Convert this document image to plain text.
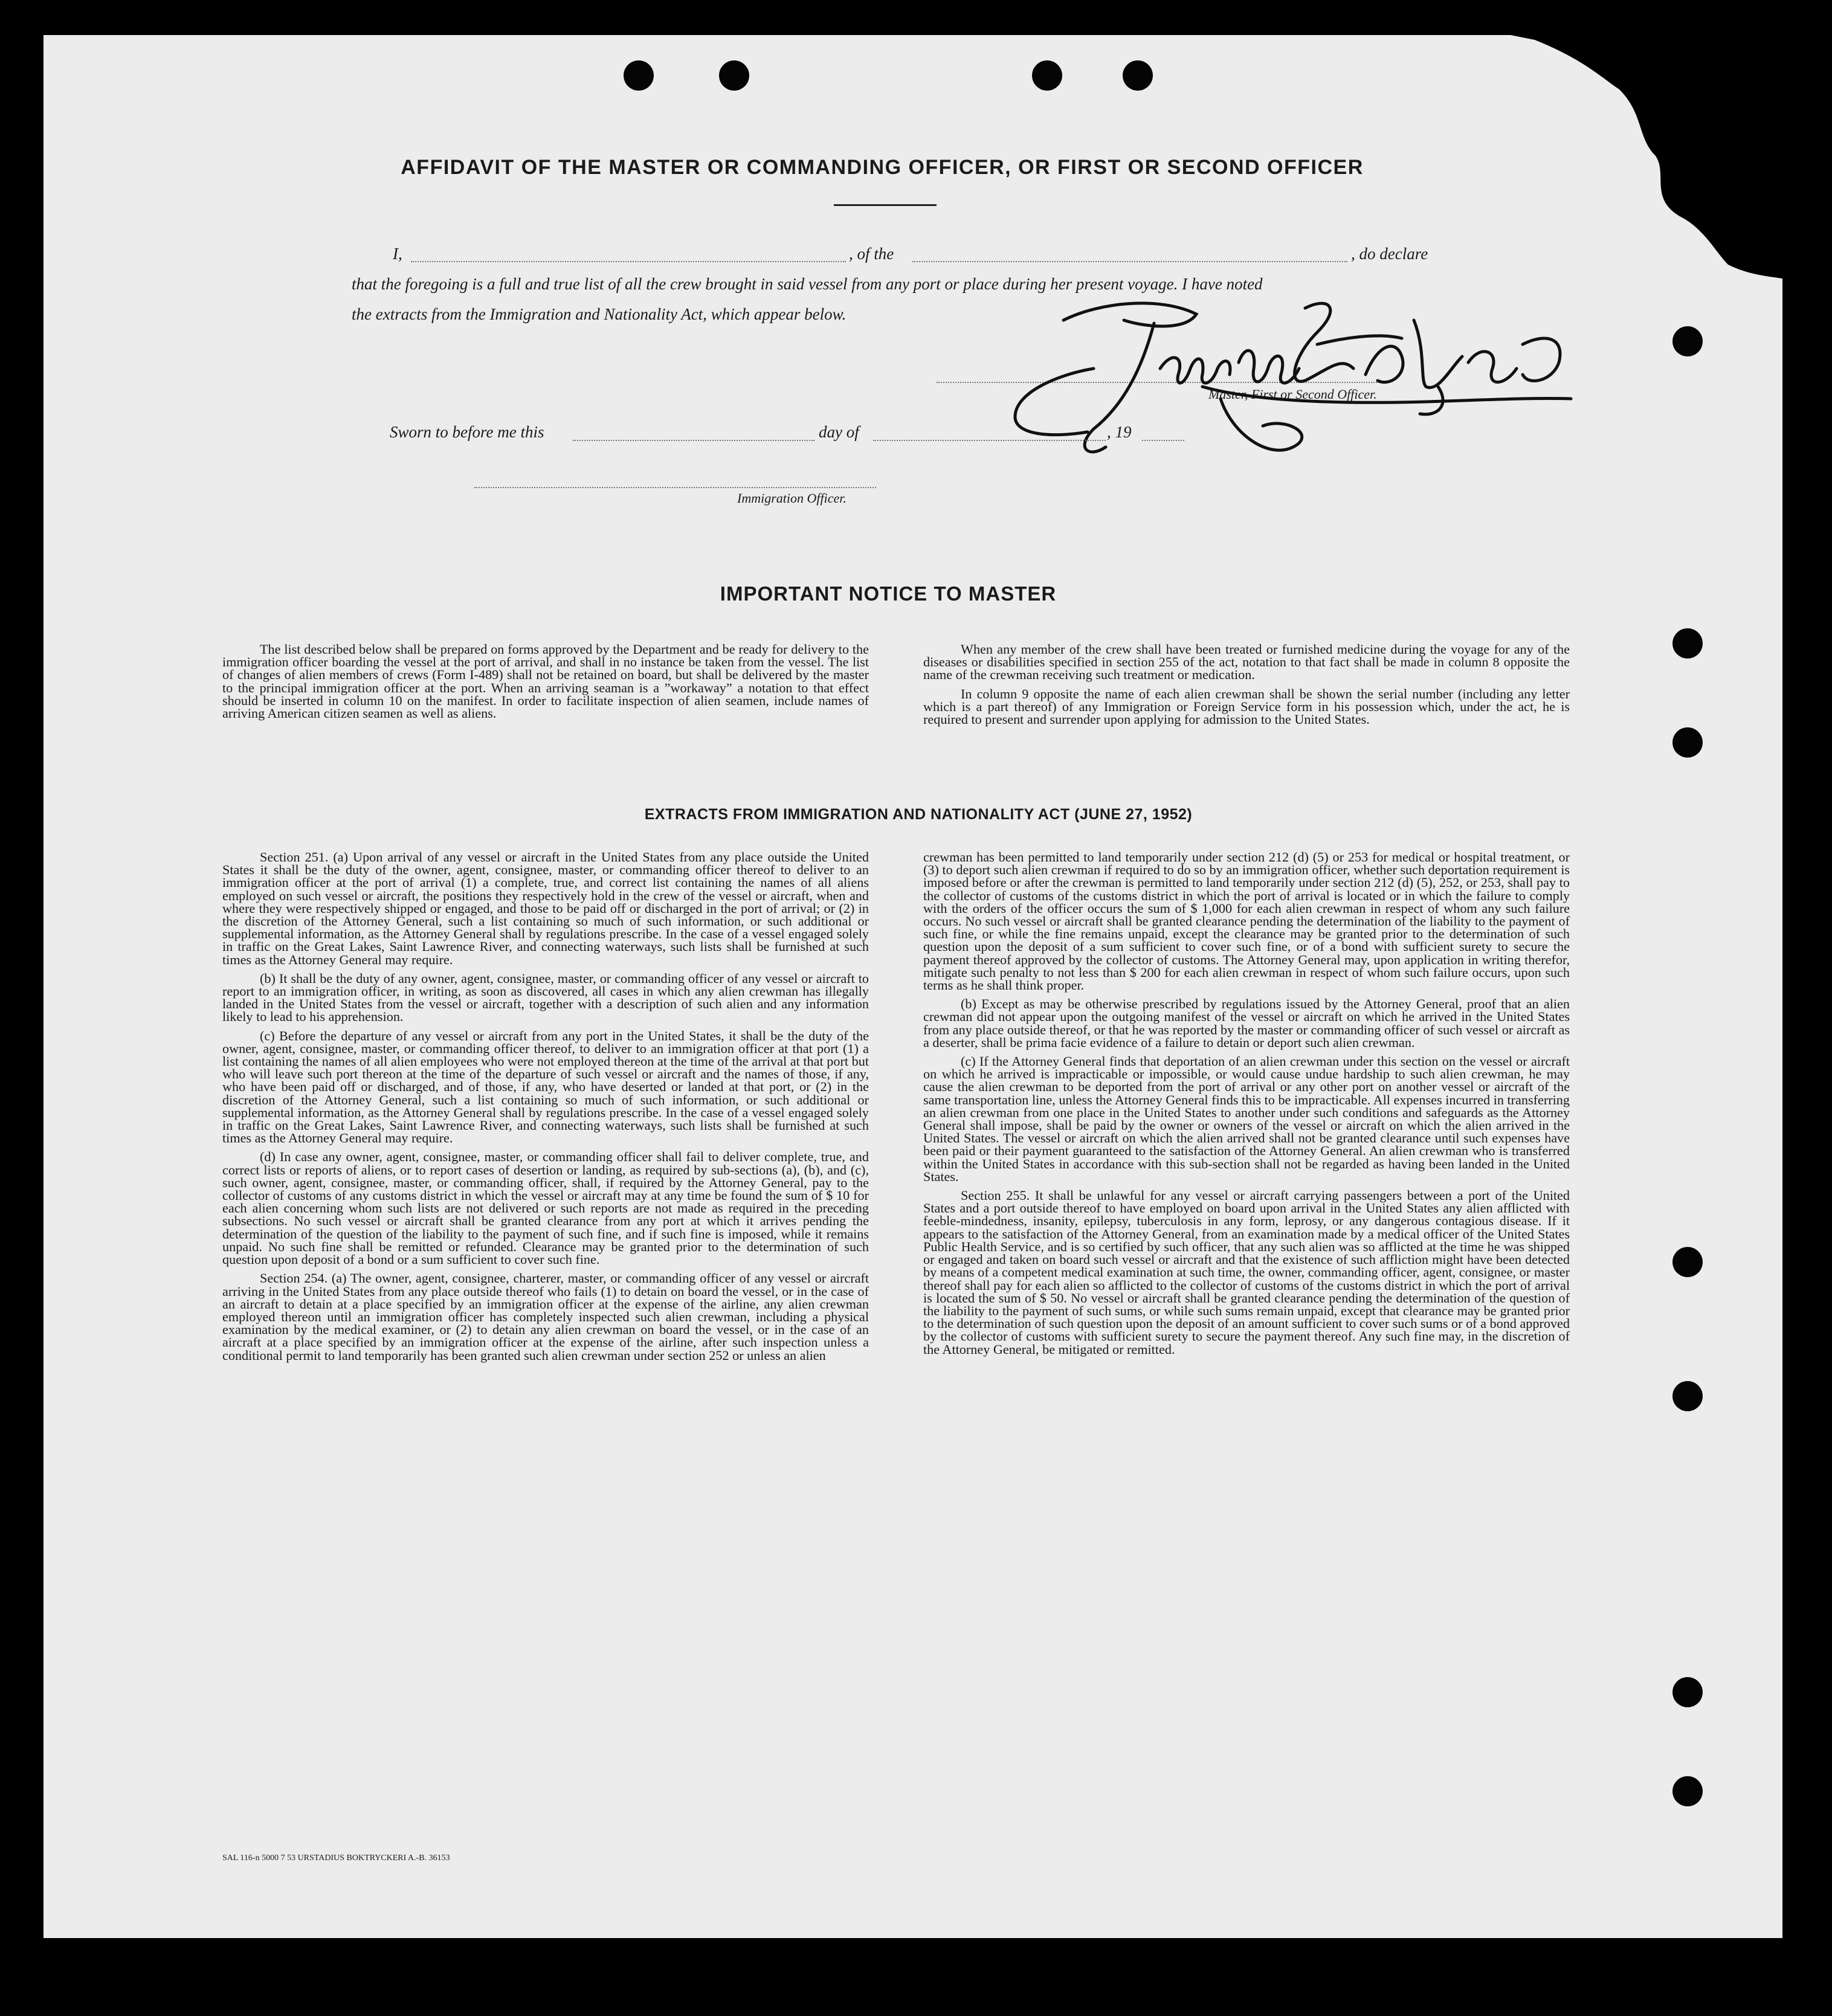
AFFIDAVIT OF THE MASTER OR COMMANDING OFFICER, OR FIRST OR SECOND OFFICER
I,	, of the	, do declare
that the foregoing is a full and true list of all the crew brought in said vessel from any port or place during her present voyage. I have noted
the extracts from the Immigration and Nationality Act, which appear below.
Master, First or Second Officer.
Sworn to before me this	day of	, 19
Immigration Officer.
IMPORTANT NOTICE TO MASTER

The list described below shall be prepared on forms approved by the Department and be ready for delivery to the immigration officer boarding the vessel at the port of arrival, and shall in no instance be taken from the vessel. The list of changes of alien members of crews (Form I-489) shall not be retained on board, but shall be delivered by the master to the principal immigration officer at the port. When an arriving seaman is a ”workaway” a notation to that effect should be inserted in column 10 on the manifest. In order to facilitate inspection of alien seamen, include names of arriving American citizen seamen as well as aliens.

When any member of the crew shall have been treated or furnished medicine during the voyage for any of the diseases or disabilities specified in section 255 of the act, notation to that fact shall be made in column 8 opposite the name of the crewman receiving such treatment or medication.

In column 9 opposite the name of each alien crewman shall be shown the serial number (including any letter which is a part thereof) of any Immigration or Foreign Service form in his possession which, under the act, he is required to present and surrender upon applying for admission to the United States.

EXTRACTS FROM IMMIGRATION AND NATIONALITY ACT (JUNE 27, 1952)

Section 251. (a) Upon arrival of any vessel or aircraft in the United States from any place outside the United States it shall be the duty of the owner, agent, consignee, master, or commanding officer thereof to deliver to an immigration officer at the port of arrival (1) a complete, true, and correct list containing the names of all aliens employed on such vessel or aircraft, the positions they respectively hold in the crew of the vessel or aircraft, when and where they were respectively shipped or engaged, and those to be paid off or discharged in the port of arrival; or (2) in the discretion of the Attorney General, such a list containing so much of such information, or such additional or supplemental information, as the Attorney General shall by regulations prescribe. In the case of a vessel engaged solely in traffic on the Great Lakes, Saint Lawrence River, and connecting waterways, such lists shall be furnished at such times as the Attorney General may require.

(b) It shall be the duty of any owner, agent, consignee, master, or commanding officer of any vessel or aircraft to report to an immigration officer, in writing, as soon as discovered, all cases in which any alien crewman has illegally landed in the United States from the vessel or aircraft, together with a description of such alien and any information likely to lead to his apprehension.

(c) Before the departure of any vessel or aircraft from any port in the United States, it shall be the duty of the owner, agent, consignee, master, or commanding officer thereof, to deliver to an immigration officer at that port (1) a list containing the names of all alien employees who were not employed thereon at the time of the arrival at that port but who will leave such port thereon at the time of the departure of such vessel or aircraft and the names of those, if any, who have been paid off or discharged, and of those, if any, who have deserted or landed at that port, or (2) in the discretion of the Attorney General, such a list containing so much of such information, or such additional or supplemental information, as the Attorney General shall by regulations prescribe. In the case of a vessel engaged solely in traffic on the Great Lakes, Saint Lawrence River, and connecting waterways, such lists shall be furnished at such times as the Attorney General may require.

(d) In case any owner, agent, consignee, master, or commanding officer shall fail to deliver complete, true, and correct lists or reports of aliens, or to report cases of desertion or landing, as required by sub-sections (a), (b), and (c), such owner, agent, consignee, master, or commanding officer, shall, if required by the Attorney General, pay to the collector of customs of any customs district in which the vessel or aircraft may at any time be found the sum of $ 10 for each alien concerning whom such lists are not delivered or such reports are not made as required in the preceding subsections. No such vessel or aircraft shall be granted clearance from any port at which it arrives pending the determination of the question of the liability to the payment of such fine, and if such fine is imposed, while it remains unpaid. No such fine shall be remitted or refunded. Clearance may be granted prior to the determination of such question upon deposit of a bond or a sum sufficient to cover such fine.

Section 254. (a) The owner, agent, consignee, charterer, master, or commanding officer of any vessel or aircraft arriving in the United States from any place outside thereof who fails (1) to detain on board the vessel, or in the case of an aircraft to detain at a place specified by an immigration officer at the expense of the airline, any alien crewman employed thereon until an immigration officer has completely inspected such alien crewman, including a physical examination by the medical examiner, or (2) to detain any alien crewman on board the vessel, or in the case of an aircraft at a place specified by an immigration officer at the expense of the airline, after such inspection unless a conditional permit to land temporarily has been granted such alien crewman under section 252 or unless an alien

crewman has been permitted to land temporarily under section 212 (d) (5) or 253 for medical or hospital treatment, or (3) to deport such alien crewman if required to do so by an immigration officer, whether such deportation requirement is imposed before or after the crewman is permitted to land temporarily under section 212 (d) (5), 252, or 253, shall pay to the collector of customs of the customs district in which the port of arrival is located or in which the failure to comply with the orders of the officer occurs the sum of $ 1,000 for each alien crewman in respect of whom any such failure occurs. No such vessel or aircraft shall be granted clearance pending the determination of the liability to the payment of such fine, or while the fine remains unpaid, except the clearance may be granted prior to the determination of such question upon the deposit of a sum sufficient to cover such fine, or of a bond with sufficient surety to secure the payment thereof approved by the collector of customs. The Attorney General may, upon application in writing therefor, mitigate such penalty to not less than $ 200 for each alien crewman in respect of whom such failure occurs, upon such terms as he shall think proper.

(b) Except as may be otherwise prescribed by regulations issued by the Attorney General, proof that an alien crewman did not appear upon the outgoing manifest of the vessel or aircraft on which he arrived in the United States from any place outside thereof, or that he was reported by the master or commanding officer of such vessel or aircraft as a deserter, shall be prima facie evidence of a failure to detain or deport such alien crewman.

(c) If the Attorney General finds that deportation of an alien crewman under this section on the vessel or aircraft on which he arrived is impracticable or impossible, or would cause undue hardship to such alien crewman, he may cause the alien crewman to be deported from the port of arrival or any other port on another vessel or aircraft of the same transportation line, unless the Attorney General finds this to be impracticable. All expenses incurred in transferring an alien crewman from one place in the United States to another under such conditions and safeguards as the Attorney General shall impose, shall be paid by the owner or owners of the vessel or aircraft on which the alien arrived in the United States. The vessel or aircraft on which the alien arrived shall not be granted clearance until such expenses have been paid or their payment guaranteed to the satisfaction of the Attorney General. An alien crewman who is transferred within the United States in accordance with this sub-section shall not be regarded as having been landed in the United States.

Section 255. It shall be unlawful for any vessel or aircraft carrying passengers between a port of the United States and a port outside thereof to have employed on board upon arrival in the United States any alien afflicted with feeble-mindedness, insanity, epilepsy, tuberculosis in any form, leprosy, or any dangerous contagious disease. If it appears to the satisfaction of the Attorney General, from an examination made by a medical officer of the United States Public Health Service, and is so certified by such officer, that any such alien was so afflicted at the time he was shipped or engaged and taken on board such vessel or aircraft and that the existence of such affliction might have been detected by means of a competent medical examination at such time, the owner, commanding officer, agent, consignee, or master thereof shall pay for each alien so afflicted to the collector of customs of the customs district in which the port of arrival is located the sum of $ 50. No vessel or aircraft shall be granted clearance pending the determination of the question of the liability to the payment of such sums, or while such sums remain unpaid, except that clearance may be granted prior to the determination of such question upon the deposit of an amount sufficient to cover such sums or of a bond approved by the collector of customs with sufficient surety to secure the payment thereof. Any such fine may, in the discretion of the Attorney General, be mitigated or remitted.

SAL 116-n 5000 7 53 URSTADIUS BOKTRYCKERI A.-B. 36153
